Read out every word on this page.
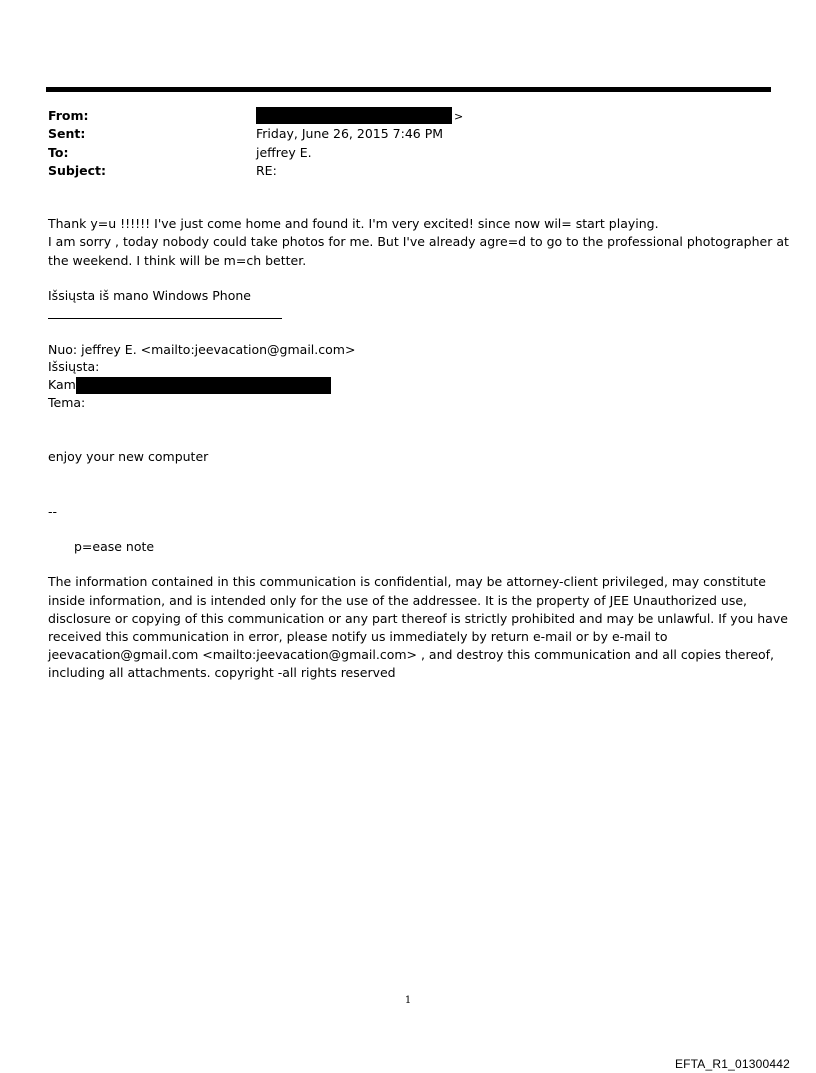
From:	>
Sent:	Friday, June 26, 2015 7:46 PM
To:	jeffrey E.
Subject:	RE:
Thank y=u !!!!!! I've just come home and found it. I'm very excited! since now wil= start playing.
I am sorry , today nobody could take photos for me. But I've already agre=d to go to the professional photographer at
the weekend. I think will be m=ch better.
Išsiųsta iš mano Windows Phone
Nuo: jeffrey E. <mailto:jeevacation@gmail.com>
Išsiųsta:
Kam
Tema:
enjoy your new computer
--
p=ease note
The information contained in this communication is confidential, may be attorney-client privileged, may constitute
inside information, and is intended only for the use of the addressee. It is the property of JEE Unauthorized use,
disclosure or copying of this communication or any part thereof is strictly prohibited and may be unlawful. If you have
received this communication in error, please notify us immediately by return e-mail or by e-mail to
jeevacation@gmail.com <mailto:jeevacation@gmail.com> , and destroy this communication and all copies thereof,
including all attachments. copyright -all rights reserved
1
EFTA_R1_01300442
